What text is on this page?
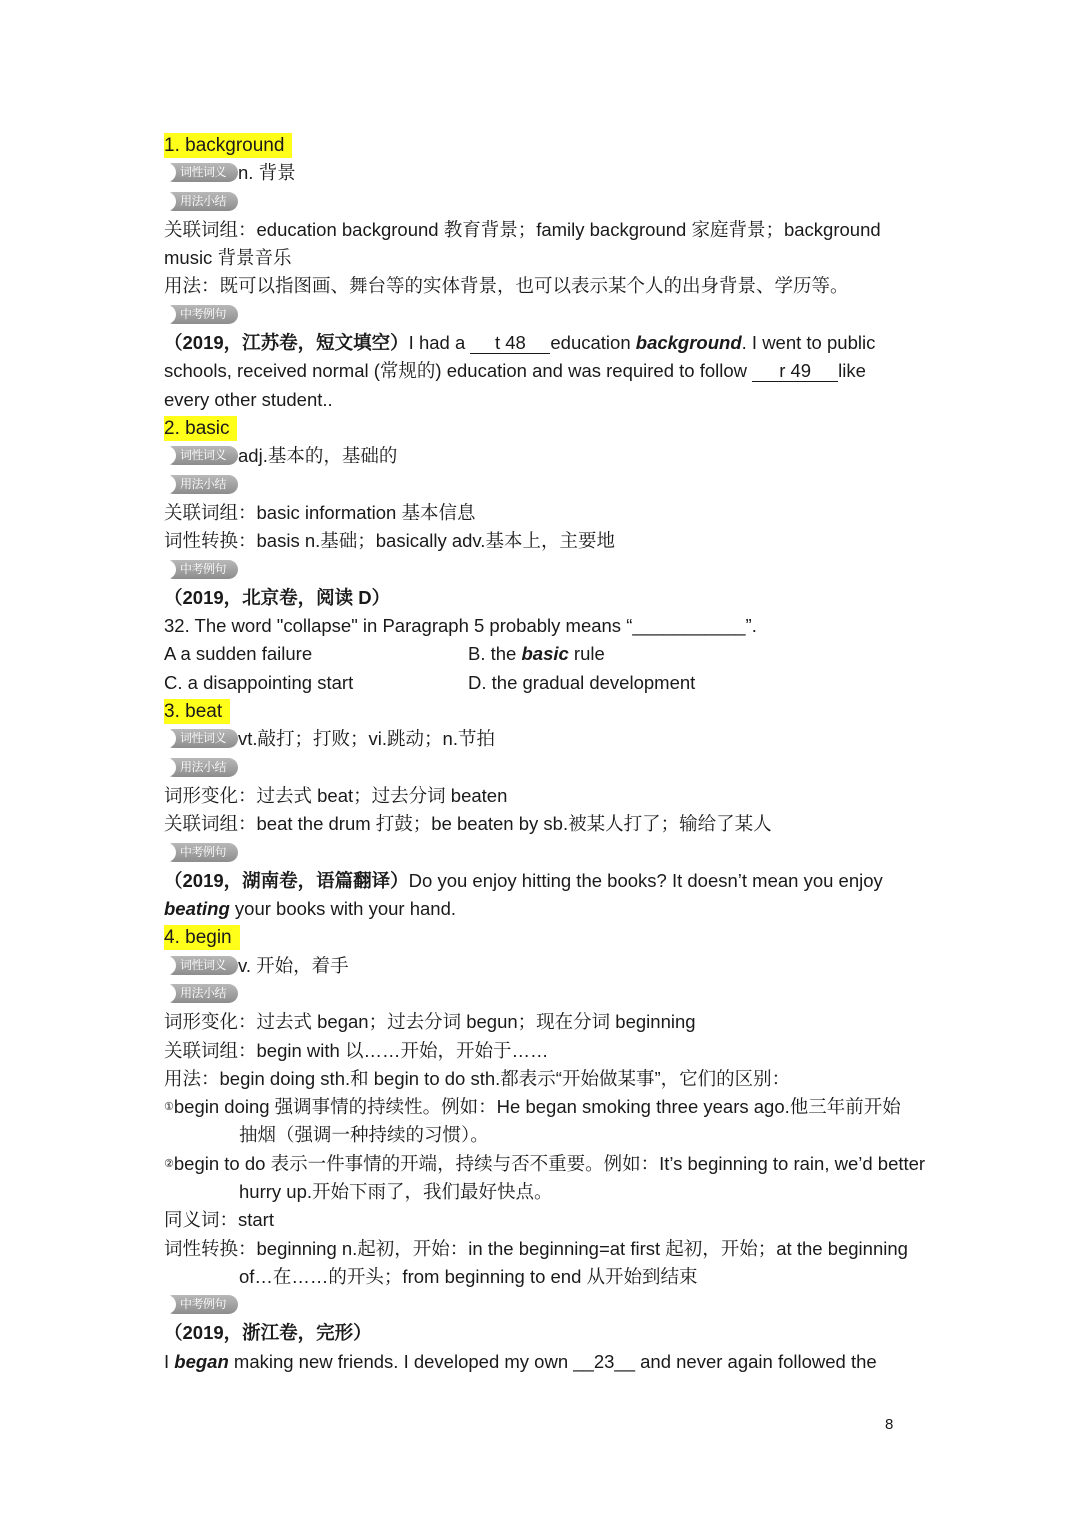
1. background
词性词义 n. 背景
用法小结
关联词组：education background 教育背景；family background 家庭背景；background
music 背景音乐
用法：既可以指图画、舞台等的实体背景，也可以表示某个人的出身背景、学历等。
中考例句
（2019，江苏卷，短文填空）I had a t 48education background. I went to public
schools, received normal (常规的) education and was required to follow r 49like
every other student..
2. basic
词性词义 adj.基本的，基础的
用法小结
关联词组：basic information 基本信息
词性转换：basis n.基础；basically adv.基本上，主要地
中考例句
（2019，北京卷，阅读 D）
32. The word "collapse" in Paragraph 5 probably means “___________”.
A a sudden failure	B. the basic rule
C. a disappointing start	D. the gradual development
3. beat
词性词义 vt.敲打；打败；vi.跳动；n.节拍
用法小结
词形变化：过去式 beat；过去分词 beaten
关联词组：beat the drum 打鼓；be beaten by sb.被某人打了；输给了某人
中考例句
（2019，湖南卷，语篇翻译）Do you enjoy hitting the books? It doesn’t mean you enjoy
beating your books with your hand.
4. begin
词性词义 v. 开始，着手
用法小结
词形变化：过去式 began；过去分词 begun；现在分词 beginning
关联词组：begin with 以……开始，开始于……
用法：begin doing sth.和 begin to do sth.都表示“开始做某事”，它们的区别：
①begin doing 强调事情的持续性。例如：He began smoking three years ago.他三年前开始
抽烟（强调一种持续的习惯）。
②begin to do 表示一件事情的开端，持续与否不重要。例如：It’s beginning to rain, we’d better
hurry up.开始下雨了，我们最好快点。
同义词：start
词性转换：beginning n.起初，开始：in the beginning=at first 起初，开始；at the beginning
of…在……的开头；from beginning to end 从开始到结束
中考例句
（2019，浙江卷，完形）
I began making new friends. I developed my own __23__ and never again followed the
8
